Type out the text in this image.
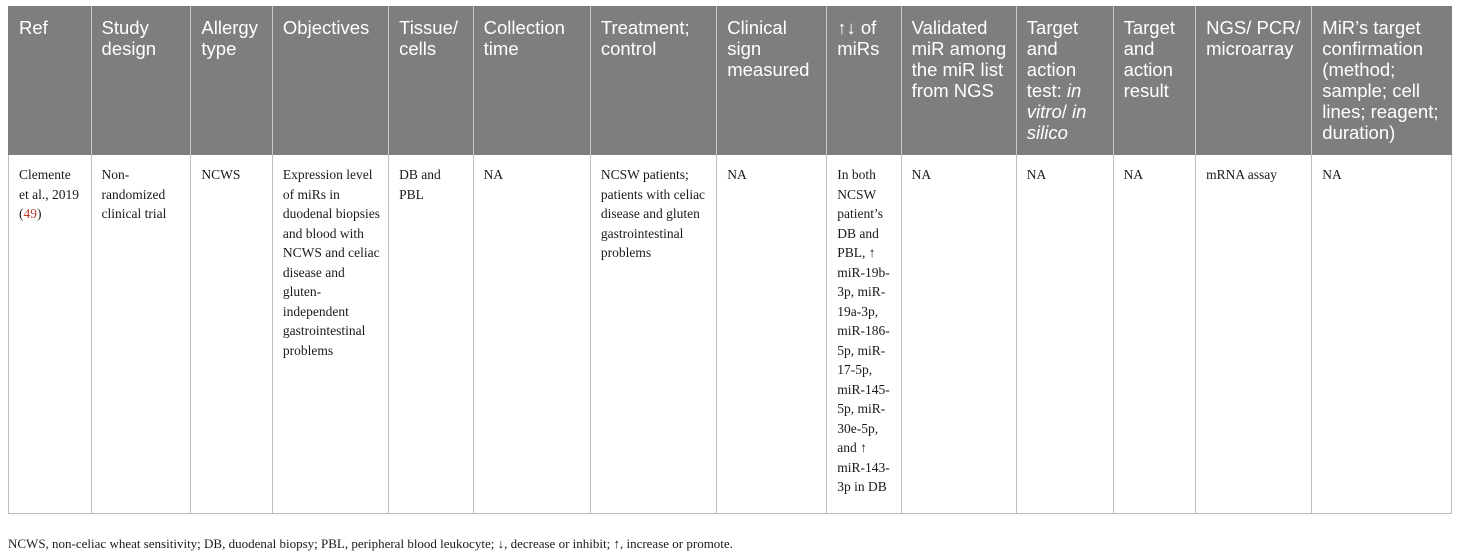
Ref	Study design	Allergy type	Objectives	Tissue/ cells	Collection time	Treatment; control	Clinical sign measured	↑↓ of miRs	Validated miR among the miR list from NGS	Target and action test: in vitro/ in silico	Target and action result	NGS/ PCR/ microarray	MiR’s target confirmation (method; sample; cell lines; reagent; duration)
Clemente et al., 2019 (49)	Non-randomized clinical trial	NCWS	Expression level of miRs in duodenal biopsies and blood with NCWS and celiac disease and gluten-independent gastrointestinal problems	DB and PBL	NA	NCSW patients; patients with celiac disease and gluten gastrointestinal problems	NA	In both NCSW patient’s DB and PBL, ↑ miR-19b-3p, miR-19a-3p, miR-186-5p, miR-17-5p, miR-145-5p, miR-30e-5p, and ↑ miR-143-3p in DB	NA	NA	NA	mRNA assay	NA
NCWS, non-celiac wheat sensitivity; DB, duodenal biopsy; PBL, peripheral blood leukocyte; ↓, decrease or inhibit; ↑, increase or promote.
